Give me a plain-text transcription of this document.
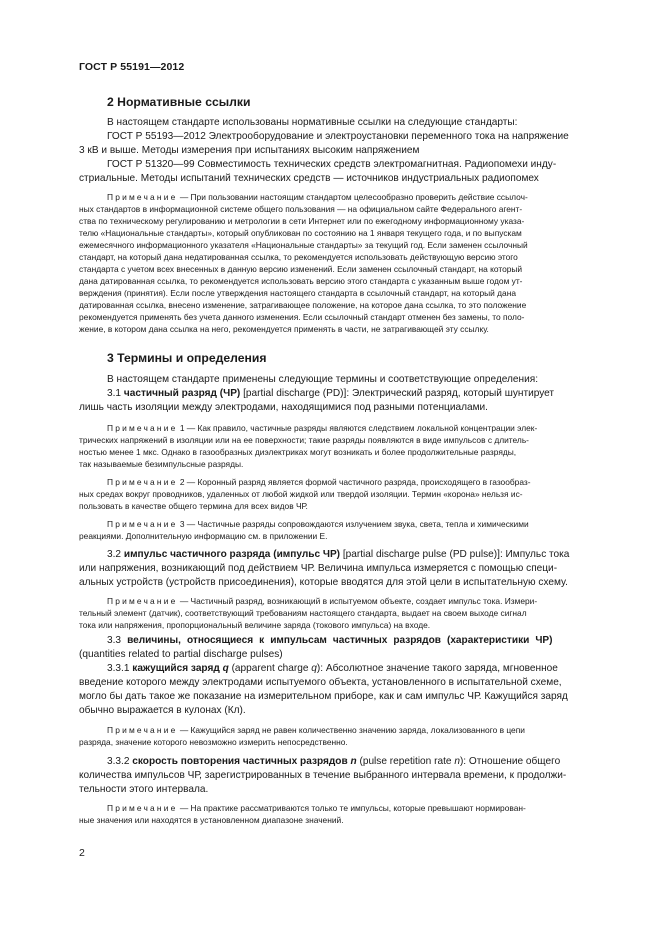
ГОСТ Р 55191—2012
2 Нормативные ссылки
В настоящем стандарте использованы нормативные ссылки на следующие стандарты:
ГОСТ Р 55193—2012 Электрооборудование и электроустановки переменного тока на напряжение
3 кВ и выше. Методы измерения при испытаниях высоким напряжением
ГОСТ Р 51320—99 Совместимость технических средств электромагнитная. Радиопомехи инду-
стриальные. Методы испытаний технических средств — источников индустриальных радиопомех
Примечание — При пользовании настоящим стандартом целесообразно проверить действие ссылоч-
ных стандартов в информационной системе общего пользования — на официальном сайте Федерального агент-
ства по техническому регулированию и метрологии в сети Интернет или по ежегодному информационному указа-
телю «Национальные стандарты», который опубликован по состоянию на 1 января текущего года, и по выпускам
ежемесячного информационного указателя «Национальные стандарты» за текущий год. Если заменен ссылочный
стандарт, на который дана недатированная ссылка, то рекомендуется использовать действующую версию этого
стандарта с учетом всех внесенных в данную версию изменений. Если заменен ссылочный стандарт, на который
дана датированная ссылка, то рекомендуется использовать версию этого стандарта с указанным выше годом ут-
верждения (принятия). Если после утверждения настоящего стандарта в ссылочный стандарт, на который дана
датированная ссылка, внесено изменение, затрагивающее положение, на которое дана ссылка, то это положение
рекомендуется применять без учета данного изменения. Если ссылочный стандарт отменен без замены, то поло-
жение, в котором дана ссылка на него, рекомендуется применять в части, не затрагивающей эту ссылку.
3 Термины и определения
В настоящем стандарте применены следующие термины и соответствующие определения:
3.1 частичный разряд (ЧР) [partial discharge (PD)]: Электрический разряд, который шунтирует
лишь часть изоляции между электродами, находящимися под разными потенциалами.
Примечание 1 — Как правило, частичные разряды являются следствием локальной концентрации элек-
трических напряжений в изоляции или на ее поверхности; такие разряды появляются в виде импульсов с длитель-
ностью менее 1 мкс. Однако в газообразных диэлектриках могут возникать и более продолжительные разряды,
так называемые безимпульсные разряды.
Примечание 2 — Коронный разряд является формой частичного разряда, происходящего в газообраз-
ных средах вокруг проводников, удаленных от любой жидкой или твердой изоляции. Термин «корона» нельзя ис-
пользовать в качестве общего термина для всех видов ЧР.
Примечание 3 — Частичные разряды сопровождаются излучением звука, света, тепла и химическими
реакциями. Дополнительную информацию см. в приложении Е.
3.2 импульс частичного разряда (импульс ЧР) [partial discharge pulse (PD pulse)]: Импульс тока
или напряжения, возникающий под действием ЧР. Величина импульса измеряется с помощью специ-
альных устройств (устройств присоединения), которые вводятся для этой цели в испытательную схему.
Примечание — Частичный разряд, возникающий в испытуемом объекте, создает импульс тока. Измери-
тельный элемент (датчик), соответствующий требованиям настоящего стандарта, выдает на своем выходе сигнал
тока или напряжения, пропорциональный величине заряда (токового импульса) на входе.
3.3 величины, относящиеся к импульсам частичных разрядов (характеристики ЧР)
(quantities related to partial discharge pulses)
3.3.1 кажущийся заряд q (apparent charge q): Абсолютное значение такого заряда, мгновенное
введение которого между электродами испытуемого объекта, установленного в испытательной схеме,
могло бы дать такое же показание на измерительном приборе, как и сам импульс ЧР. Кажущийся заряд
обычно выражается в кулонах (Кл).
Примечание — Кажущийся заряд не равен количественно значению заряда, локализованного в цепи
разряда, значение которого невозможно измерить непосредственно.
3.3.2 скорость повторения частичных разрядов n (pulse repetition rate n): Отношение общего
количества импульсов ЧР, зарегистрированных в течение выбранного интервала времени, к продолжи-
тельности этого интервала.
Примечание — На практике рассматриваются только те импульсы, которые превышают нормирован-
ные значения или находятся в установленном диапазоне значений.
2
